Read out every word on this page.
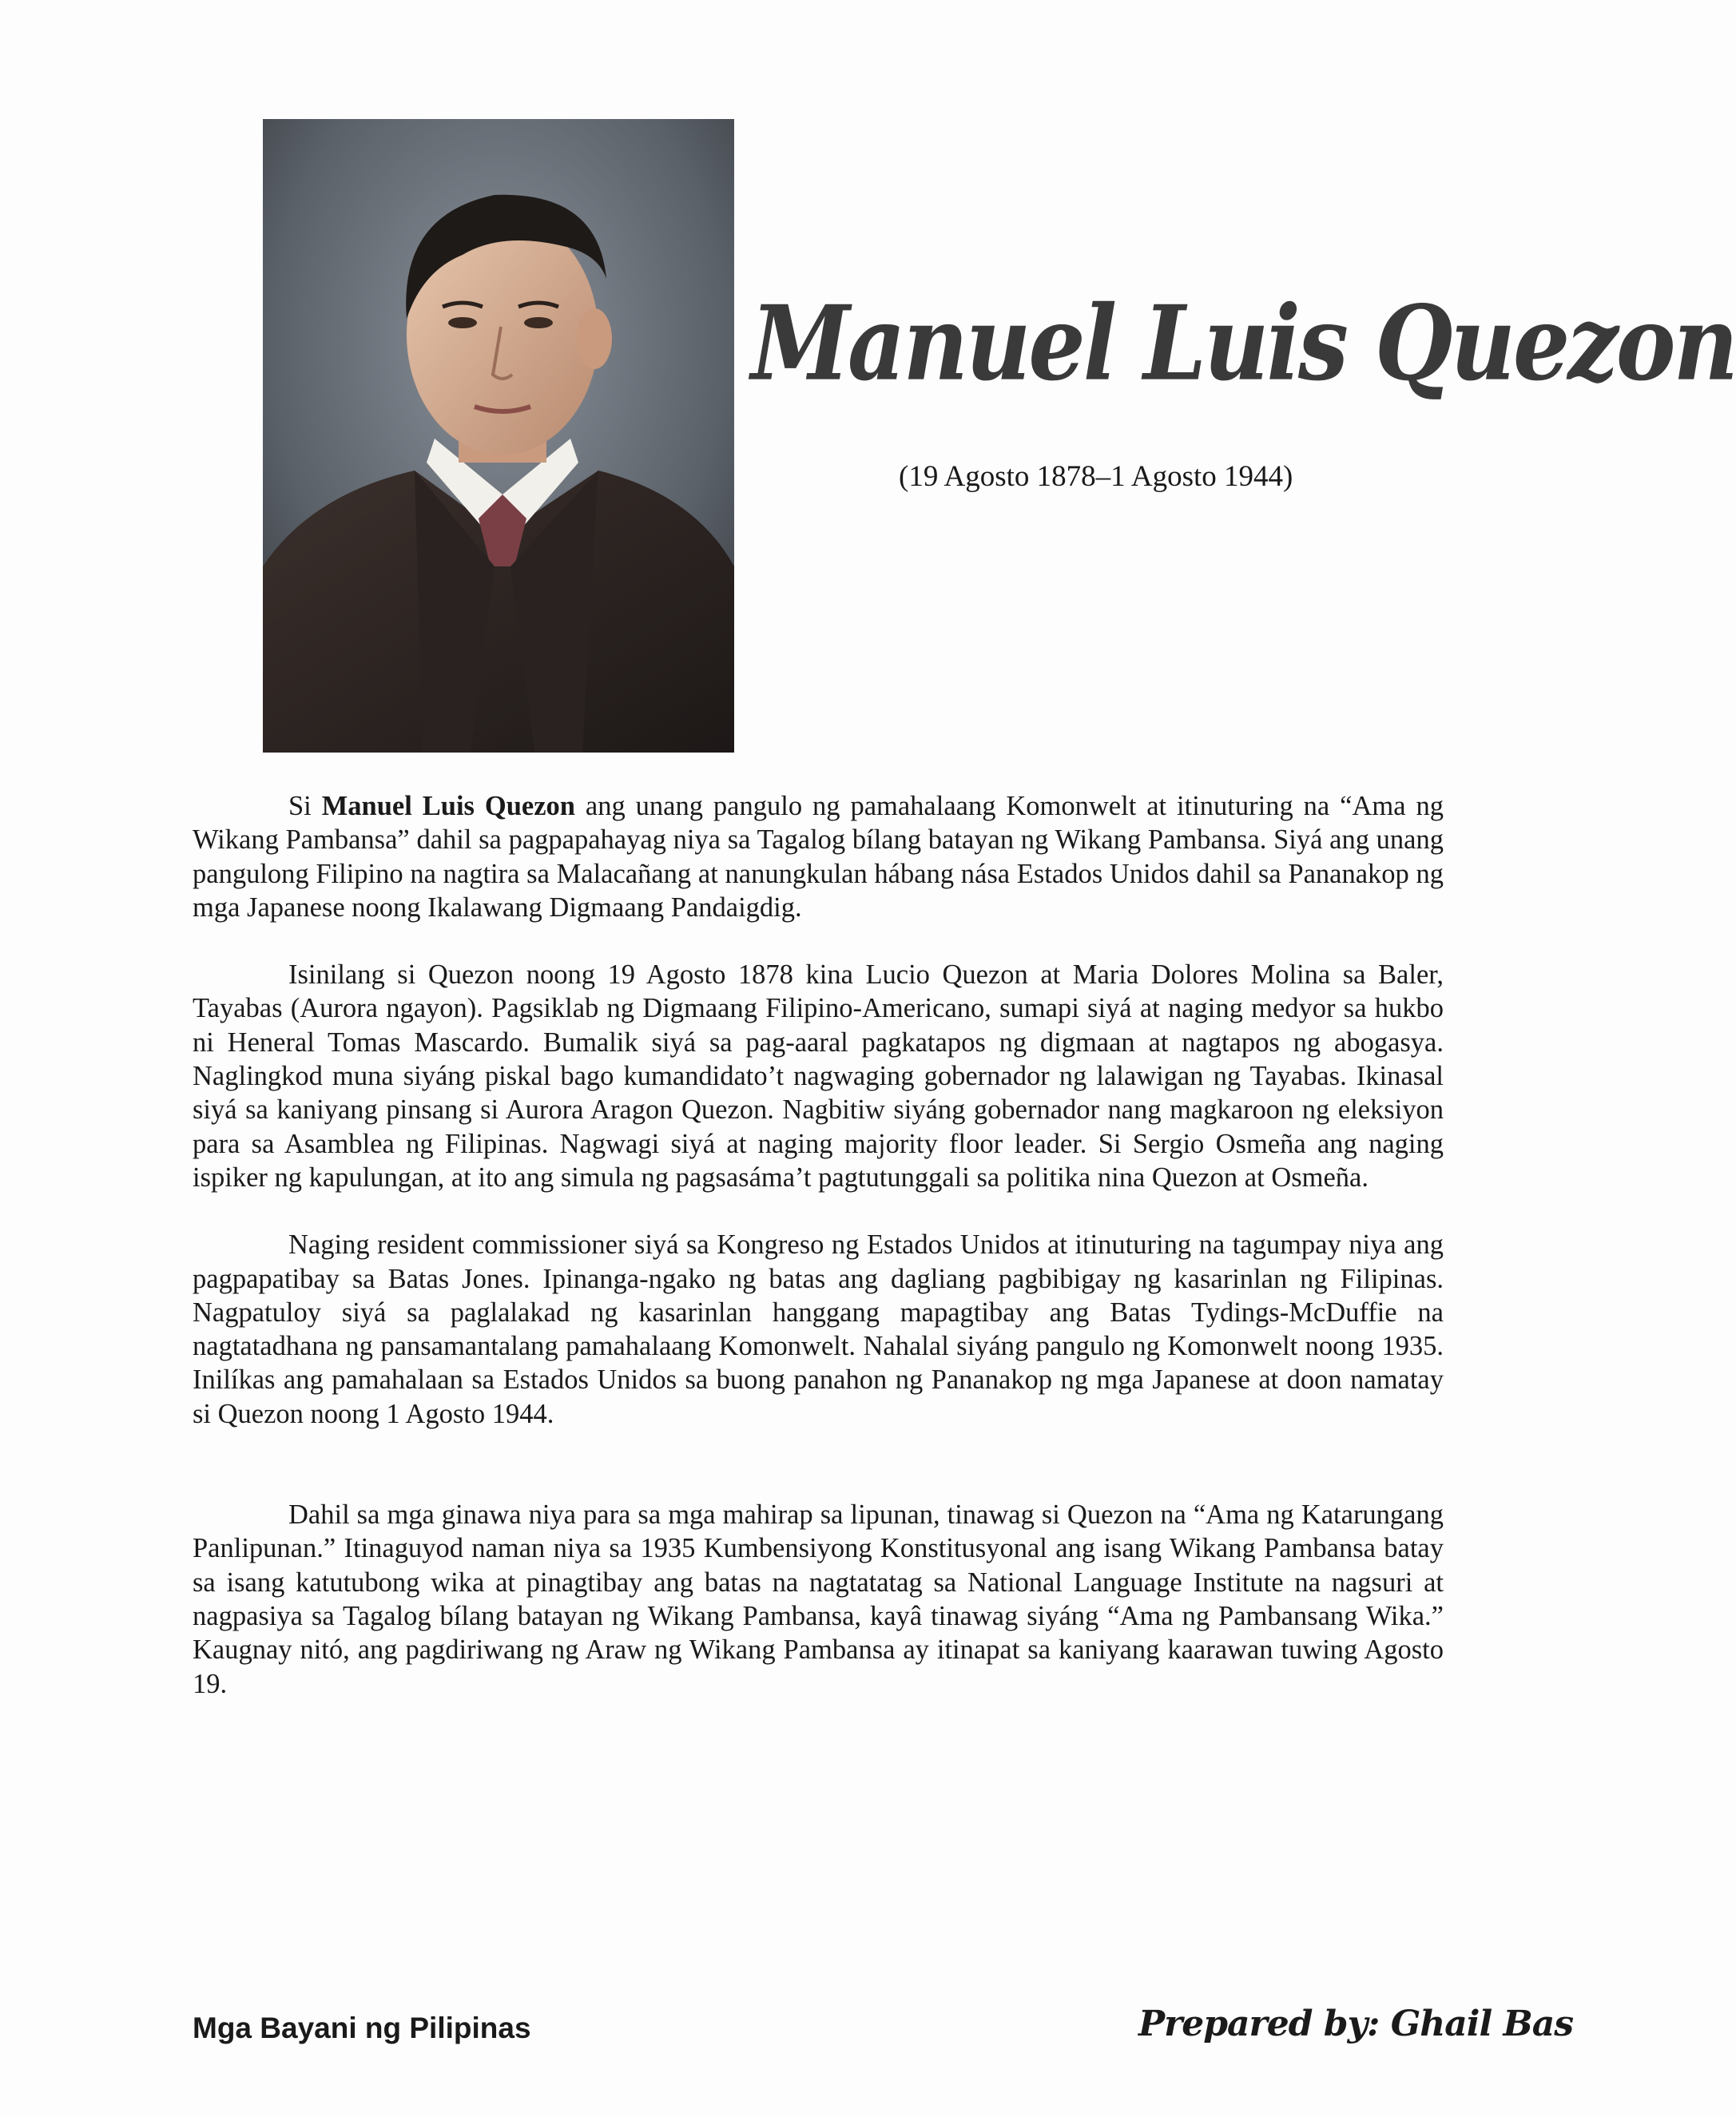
Manuel Luis Quezon
(19 Agosto 1878–1 Agosto 1944)

Si Manuel Luis Quezon ang unang pangulo ng pamahalaang Komonwelt at itinuturing na “Ama ng Wikang Pambansa” dahil sa pagpapahayag niya sa Tagalog bílang batayan ng Wikang Pambansa. Siyá ang unang pangulong Filipino na nagtira sa Malacañang at nanungkulan hábang nása Estados Unidos dahil sa Pananakop ng mga Japanese noong Ikalawang Digmaang Pandaigdig.

Isinilang si Quezon noong 19 Agosto 1878 kina Lucio Quezon at Maria Dolores Molina sa Baler, Tayabas (Aurora ngayon). Pagsiklab ng Digmaang Filipino-Americano, sumapi siyá at naging medyor sa hukbo ni Heneral Tomas Mascardo. Bumalik siyá sa pag-aaral pagkatapos ng digmaan at nagtapos ng abogasya. Naglingkod muna siyáng piskal bago kumandidato’t nagwaging gobernador ng lalawigan ng Tayabas. Ikinasal siyá sa kaniyang pinsang si Aurora Aragon Quezon. Nagbitiw siyáng gobernador nang magkaroon ng eleksiyon para sa Asamblea ng Filipinas. Nagwagi siyá at naging majority floor leader. Si Sergio Osmeña ang naging ispiker ng kapulungan, at ito ang simula ng pagsasáma’t pagtutunggali sa politika nina Quezon at Osmeña.

Naging resident commissioner siyá sa Kongreso ng Estados Unidos at itinuturing na tagumpay niya ang pagpapatibay sa Batas Jones. Ipinanga-ngako ng batas ang dagliang pagbibigay ng kasarinlan ng Filipinas. Nagpatuloy siyá sa paglalakad ng kasarinlan hanggang mapagtibay ang Batas Tydings-McDuffie na nagtatadhana ng pansamantalang pamahalaang Komonwelt. Nahalal siyáng pangulo ng Komonwelt noong 1935. Inilíkas ang pamahalaan sa Estados Unidos sa buong panahon ng Pananakop ng mga Japanese at doon namatay si Quezon noong 1 Agosto 1944.

Dahil sa mga ginawa niya para sa mga mahirap sa lipunan, tinawag si Quezon na “Ama ng Katarungang Panlipunan.” Itinaguyod naman niya sa 1935 Kumbensiyong Konstitusyonal ang isang Wikang Pambansa batay sa isang katutubong wika at pinagtibay ang batas na nagtatatag sa National Language Institute na nagsuri at nagpasiya sa Tagalog bílang batayan ng Wikang Pambansa, kayâ tinawag siyáng “Ama ng Pambansang Wika.” Kaugnay nitó, ang pagdiriwang ng Araw ng Wikang Pambansa ay itinapat sa kaniyang kaarawan tuwing Agosto 19.

Mga Bayani ng Pilipinas	Prepared by: Ghail Bas
